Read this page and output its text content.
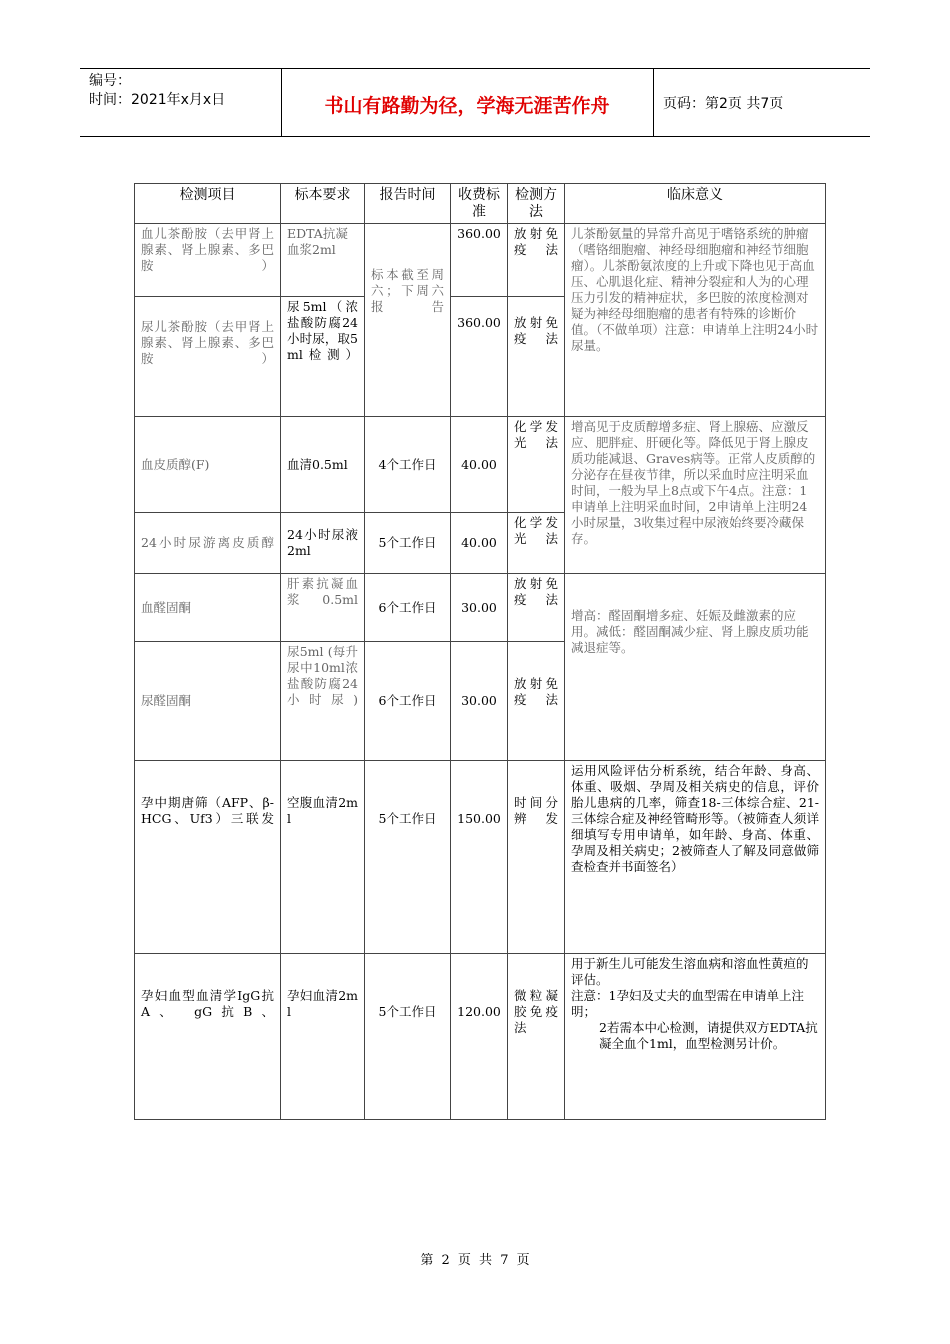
编号：
时间：2021年x月x日	书山有路勤为径，学海无涯苦作舟	页码：第2页 共7页
检测项目	标本要求	报告时间	收费标准	检测方法	临床意义
血儿茶酚胺（去甲肾上腺素、肾上腺素、多巴胺）	EDTA抗凝血浆2ml	标本截至周六；下周六报告	360.00	放射免疫法	儿茶酚氨量的异常升高见于嗜铬系统的肿瘤（嗜铬细胞瘤、神经母细胞瘤和神经节细胞瘤）。儿茶酚氨浓度的上升或下降也见于高血压、心肌退化症、精神分裂症和人为的心理压力引发的精神症状，多巴胺的浓度检测对疑为神经母细胞瘤的患者有特殊的诊断价值。（不做单项）注意：申请单上注明24小时尿量。
尿儿茶酚胺（去甲肾上腺素、肾上腺素、多巴胺）	尿5ml（浓盐酸防腐24小时尿，取5ml检测）		360.00	放射免疫法	
血皮质醇(F)	血清0.5ml	4个工作日	40.00	化学发光法	增高见于皮质醇增多症、肾上腺癌、应激反应、肥胖症、肝硬化等。降低见于肾上腺皮质功能减退、Graves病等。正常人皮质醇的分泌存在昼夜节律，所以采血时应注明采血时间，一般为早上8点或下午4点。注意：1申请单上注明采血时间，2申请单上注明24小时尿量，3收集过程中尿液始终要冷藏保存。
24小时尿游离皮质醇	24小时尿液2ml	5个工作日	40.00	化学发光法	
血醛固酮	肝素抗凝血浆0.5ml	6个工作日	30.00	放射免疫法	增高：醛固酮增多症、妊娠及雌激素的应用。减低：醛固酮减少症、肾上腺皮质功能减退症等。
尿醛固酮	尿5ml (每升尿中10ml浓盐酸防腐24小时尿)	6个工作日	30.00	放射免疫法	
孕中期唐筛（AFP、β-HCG、Uf3）三联发	空腹血清2ml	5个工作日	150.00	时间分辨发	运用风险评估分析系统，结合年龄、身高、体重、吸烟、孕周及相关病史的信息，评价胎儿患病的几率，筛查18-三体综合症、21-三体综合症及神经管畸形等。（被筛查人须详细填写专用申请单，如年龄、身高、体重、孕周及相关病史；2被筛查人了解及同意做筛查检查并书面签名）
孕妇血型血清学IgG抗A、 gG抗B、	孕妇血清2ml	5个工作日	120.00	微粒凝胶免疫法	用于新生儿可能发生溶血病和溶血性黄疸的评估。
注意：1孕妇及丈夫的血型需在申请单上注明；
2若需本中心检测，请提供双方EDTA抗凝全血个1ml，血型检测另计价。
第 2 页 共 7 页
